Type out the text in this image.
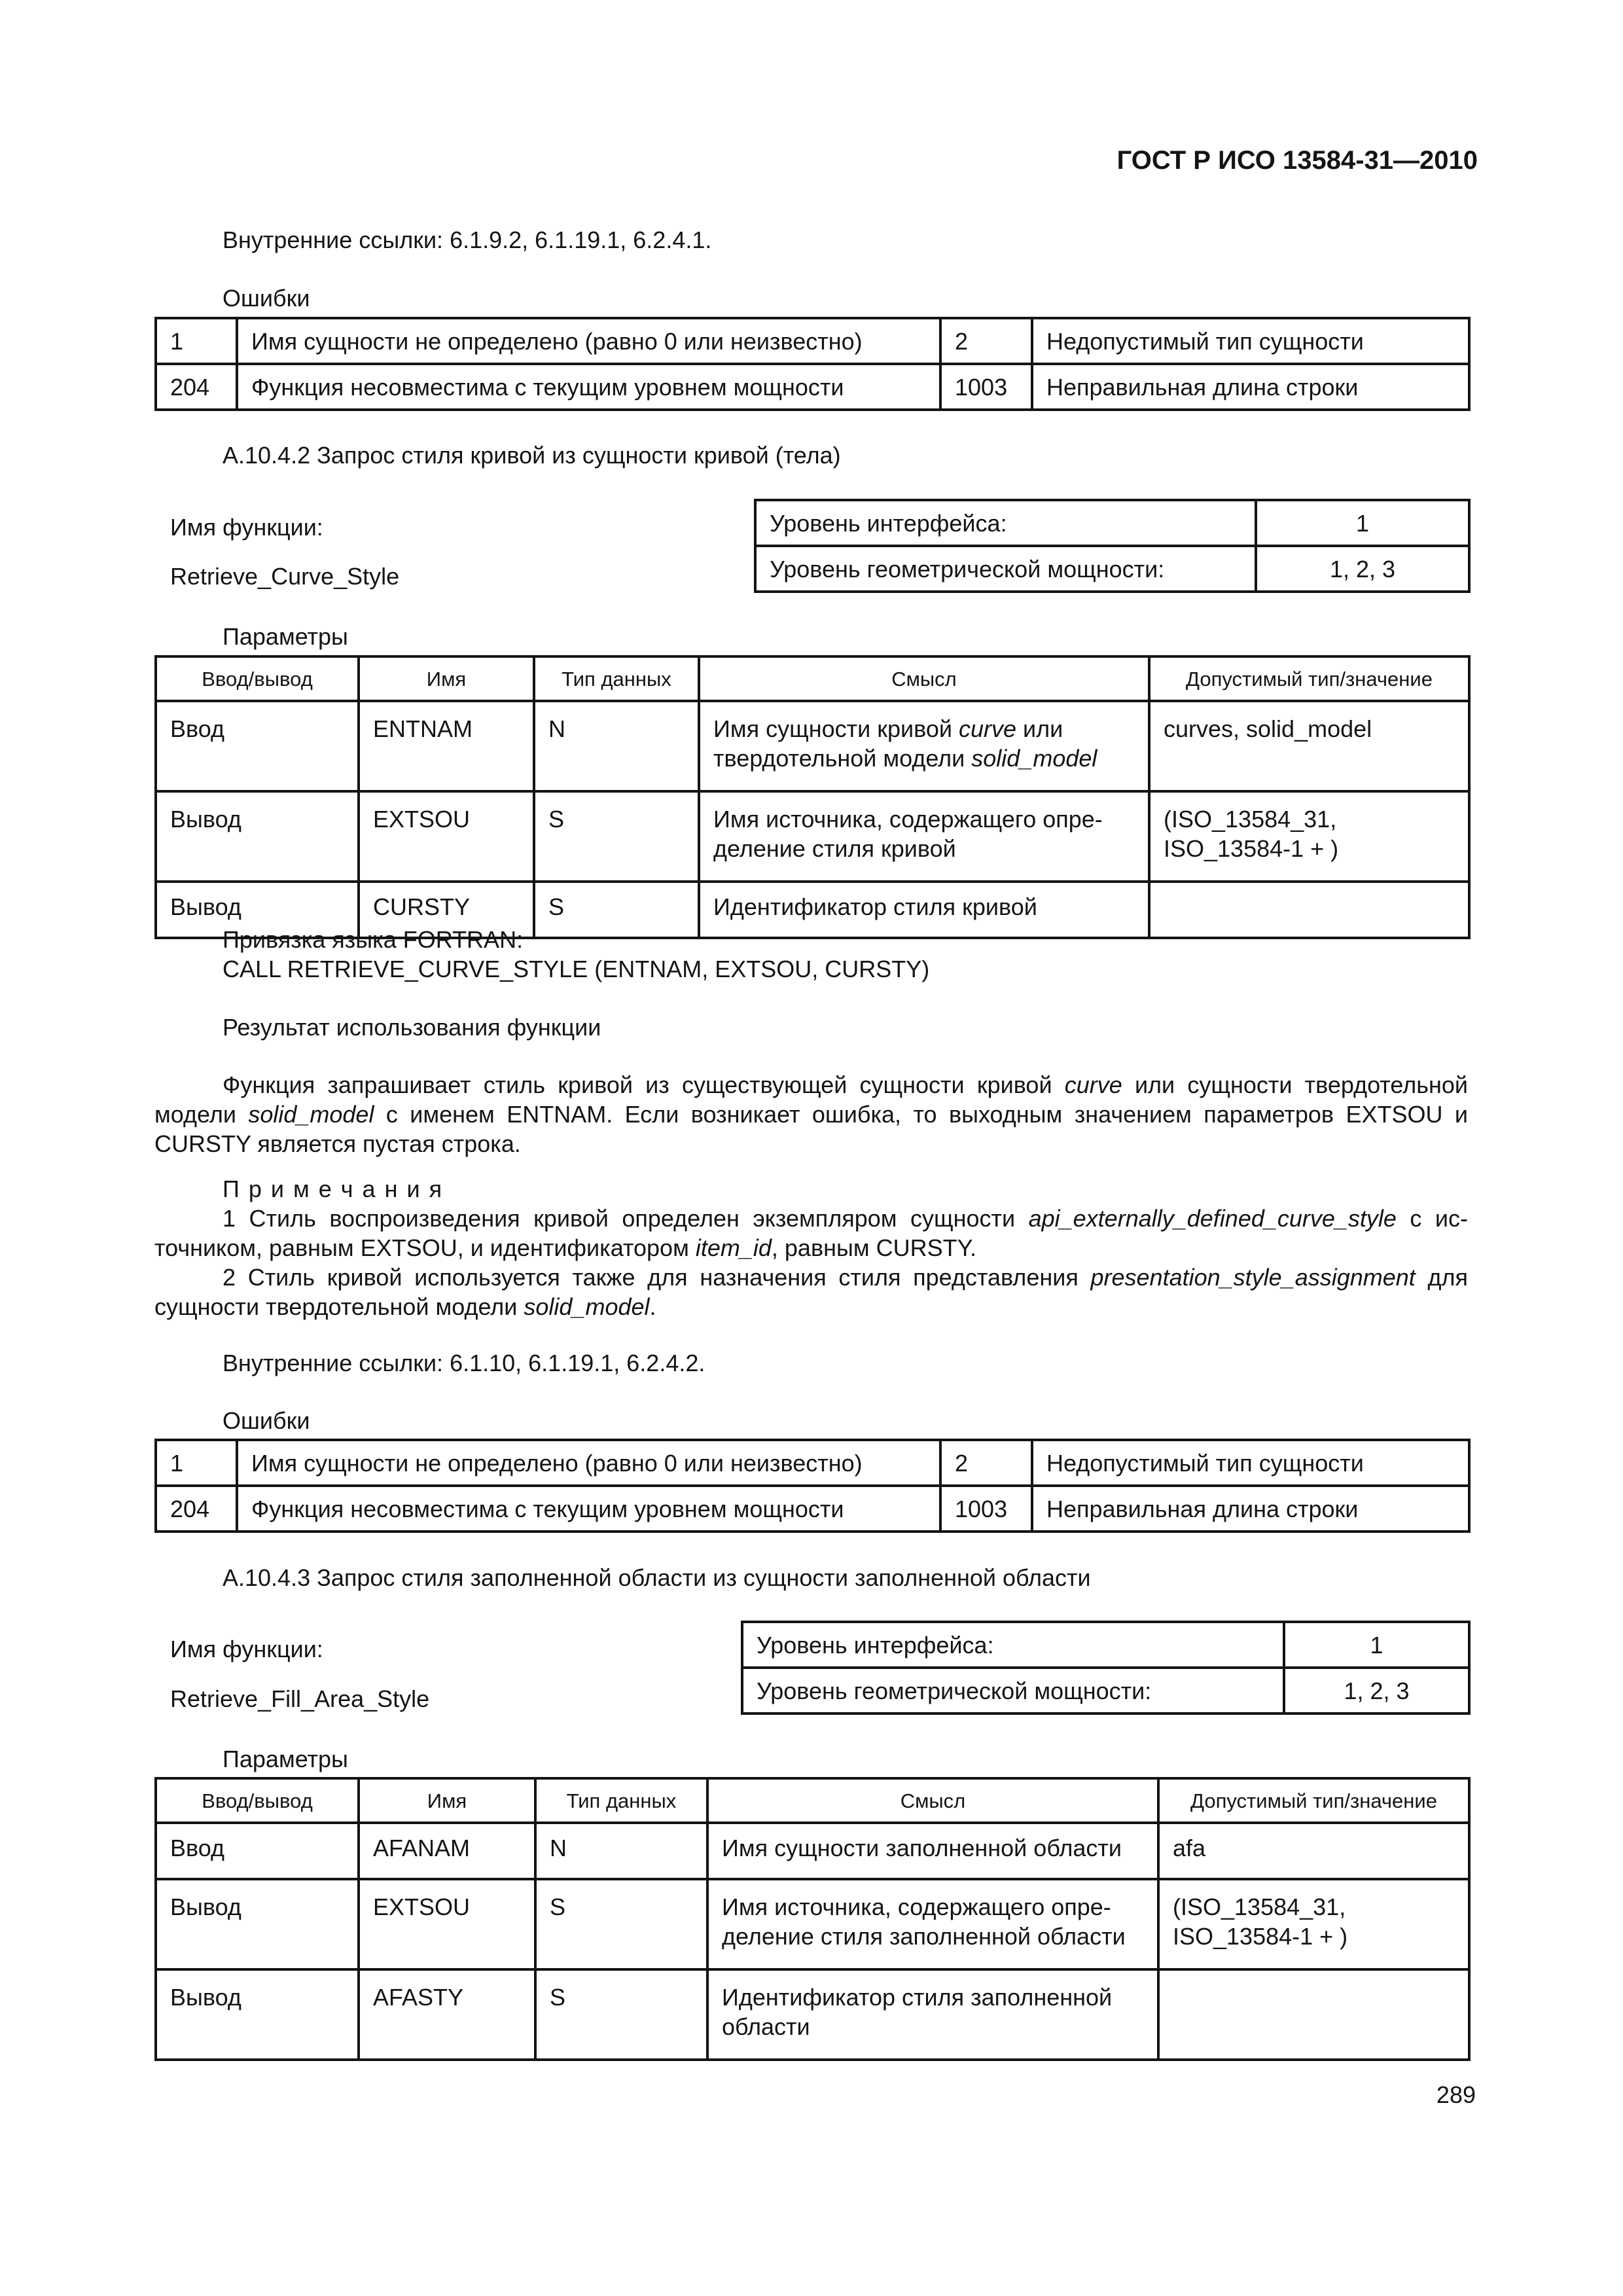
ГОСТ Р ИСО 13584-31—2010
Внутренние ссылки: 6.1.9.2, 6.1.19.1, 6.2.4.1.
Ошибки
1	Имя сущности не определено (равно 0 или неизвестно)	2	Недопустимый тип сущности
204	Функция несовместима с текущим уровнем мощности	1003	Неправильная длина строки
А.10.4.2 Запрос стиля кривой из сущности кривой (тела)
Имя функции:
Retrieve_Curve_Style
Уровень интерфейса:	1
Уровень геометрической мощности:	1, 2, 3
Параметры
Ввод/вывод	Имя	Тип данных	Смысл	Допустимый тип/значение
Ввод	ENTNAM	N	Имя сущности кривой curve или твердотельной модели solid_model	curves, solid_model
Вывод	EXTSOU	S	Имя источника, содержащего опре-деление стиля кривой	(ISO_13584_31, ISO_13584-1 + )
Вывод	CURSTY	S	Идентификатор стиля кривой	
Привязка языка FORTRAN:
CALL RETRIEVE_CURVE_STYLE (ENTNAM, EXTSOU, CURSTY)
Результат использования функции

Функция запрашивает стиль кривой из существующей сущности кривой curve или сущности твердотельной модели solid_model с именем ENTNAM. Если возникает ошибка, то выходным значением параметров EXTSOU и CURSTY является пустая строка.

П р и м е ч а н и я

1 Стиль воспроизведения кривой определен экземпляром сущности api_externally_defined_curve_style с ис-точником, равным EXTSOU, и идентификатором item_id, равным CURSTY.

2 Стиль кривой используется также для назначения стиля представления presentation_style_assignment для сущности твердотельной модели solid_model.

Внутренние ссылки: 6.1.10, 6.1.19.1, 6.2.4.2.
Ошибки
1	Имя сущности не определено (равно 0 или неизвестно)	2	Недопустимый тип сущности
204	Функция несовместима с текущим уровнем мощности	1003	Неправильная длина строки
А.10.4.3 Запрос стиля заполненной области из сущности заполненной области
Имя функции:
Retrieve_Fill_Area_Style
Уровень интерфейса:	1
Уровень геометрической мощности:	1, 2, 3
Параметры
Ввод/вывод	Имя	Тип данных	Смысл	Допустимый тип/значение
Ввод	AFANAM	N	Имя сущности заполненной области	afa
Вывод	EXTSOU	S	Имя источника, содержащего опре-деление стиля заполненной области	(ISO_13584_31, ISO_13584-1 + )
Вывод	AFASTY	S	Идентификатор стиля заполненной области	
289
